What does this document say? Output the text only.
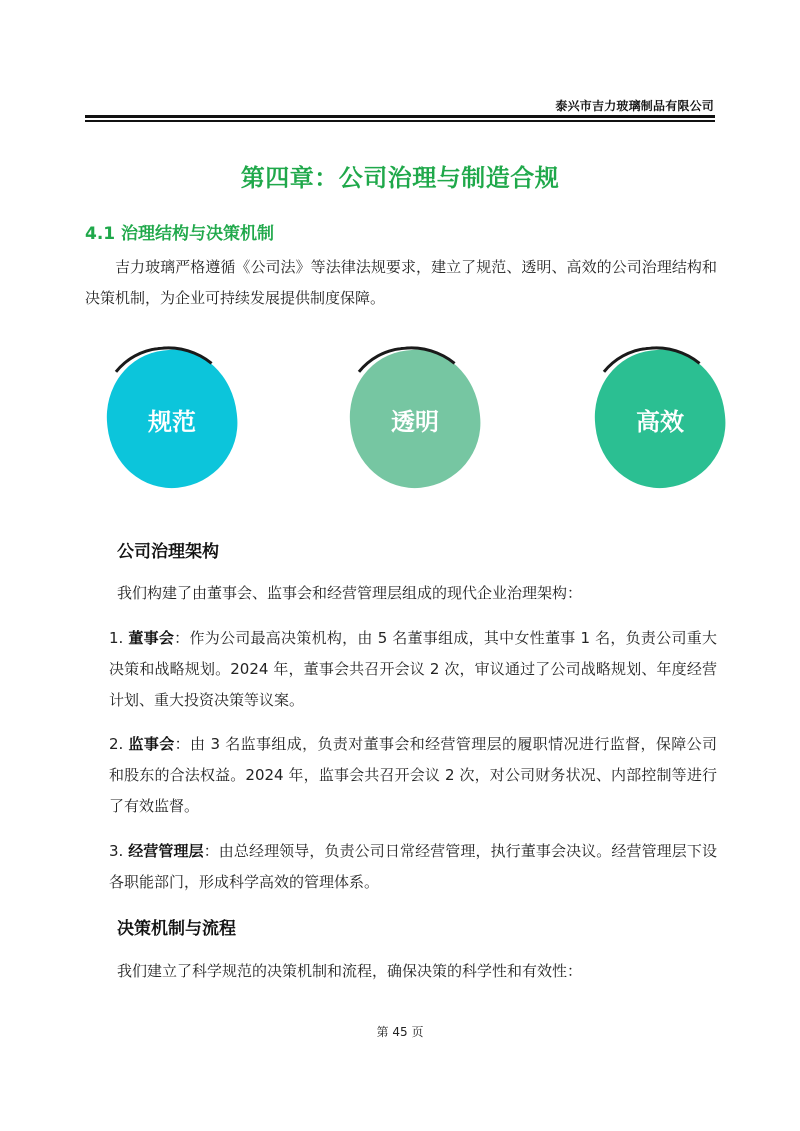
泰兴市吉力玻璃制品有限公司
第四章：公司治理与制造合规
4.1 治理结构与决策机制

吉力玻璃严格遵循《公司法》等法律法规要求，建立了规范、透明、高效的公司治理结构和决策机制，为企业可持续发展提供制度保障。

规范	透明	高效
公司治理架构

我们构建了由董事会、监事会和经营管理层组成的现代企业治理架构：

1. 董事会：作为公司最高决策机构，由 5 名董事组成，其中女性董事 1 名，负责公司重大决策和战略规划。2024 年，董事会共召开会议 2 次，审议通过了公司战略规划、年度经营计划、重大投资决策等议案。

2. 监事会：由 3 名监事组成，负责对董事会和经营管理层的履职情况进行监督，保障公司和股东的合法权益。2024 年，监事会共召开会议 2 次，对公司财务状况、内部控制等进行了有效监督。

3. 经营管理层：由总经理领导，负责公司日常经营管理，执行董事会决议。经营管理层下设各职能部门，形成科学高效的管理体系。

决策机制与流程

我们建立了科学规范的决策机制和流程，确保决策的科学性和有效性：

第 45 页
